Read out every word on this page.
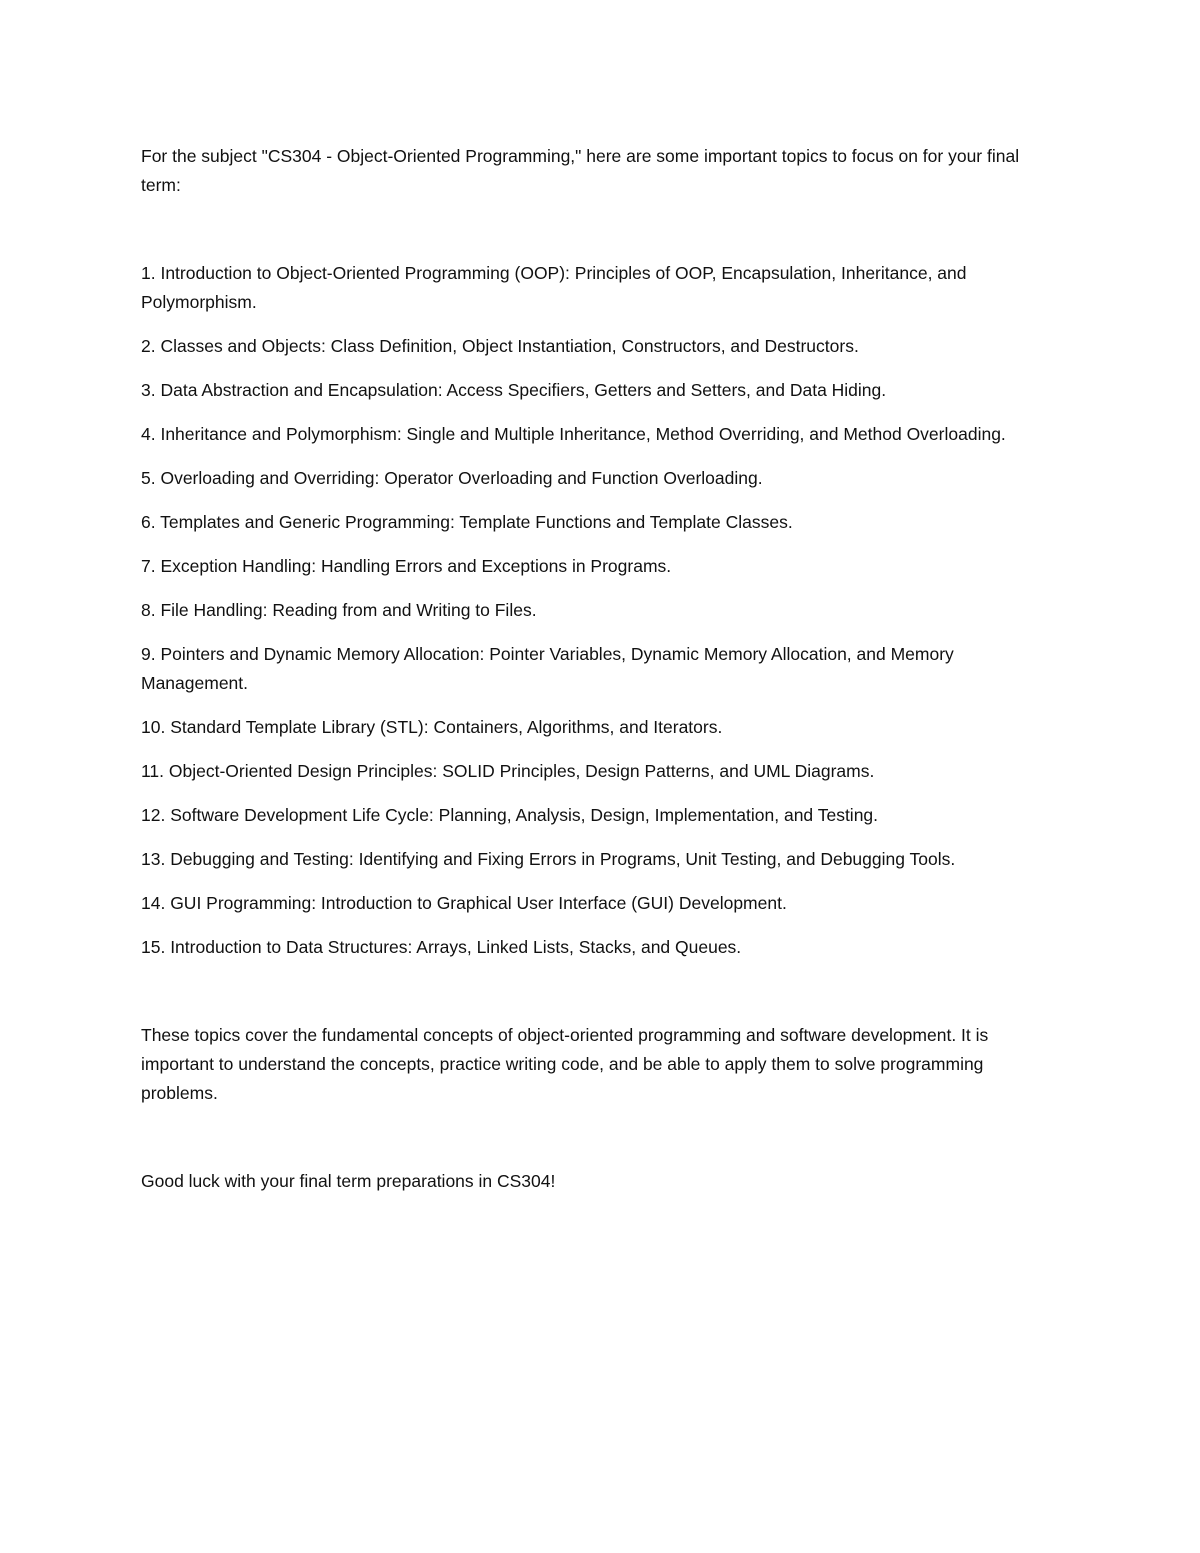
For the subject "CS304 - Object-Oriented Programming," here are some important topics to focus on for your final term:

1. Introduction to Object-Oriented Programming (OOP): Principles of OOP, Encapsulation, Inheritance, and Polymorphism.
2. Classes and Objects: Class Definition, Object Instantiation, Constructors, and Destructors.
3. Data Abstraction and Encapsulation: Access Specifiers, Getters and Setters, and Data Hiding.
4. Inheritance and Polymorphism: Single and Multiple Inheritance, Method Overriding, and Method Overloading.
5. Overloading and Overriding: Operator Overloading and Function Overloading.
6. Templates and Generic Programming: Template Functions and Template Classes.
7. Exception Handling: Handling Errors and Exceptions in Programs.
8. File Handling: Reading from and Writing to Files.
9. Pointers and Dynamic Memory Allocation: Pointer Variables, Dynamic Memory Allocation, and Memory Management.
10. Standard Template Library (STL): Containers, Algorithms, and Iterators.
11. Object-Oriented Design Principles: SOLID Principles, Design Patterns, and UML Diagrams.
12. Software Development Life Cycle: Planning, Analysis, Design, Implementation, and Testing.
13. Debugging and Testing: Identifying and Fixing Errors in Programs, Unit Testing, and Debugging Tools.
14. GUI Programming: Introduction to Graphical User Interface (GUI) Development.
15. Introduction to Data Structures: Arrays, Linked Lists, Stacks, and Queues.

These topics cover the fundamental concepts of object-oriented programming and software development. It is important to understand the concepts, practice writing code, and be able to apply them to solve programming problems.

Good luck with your final term preparations in CS304!
